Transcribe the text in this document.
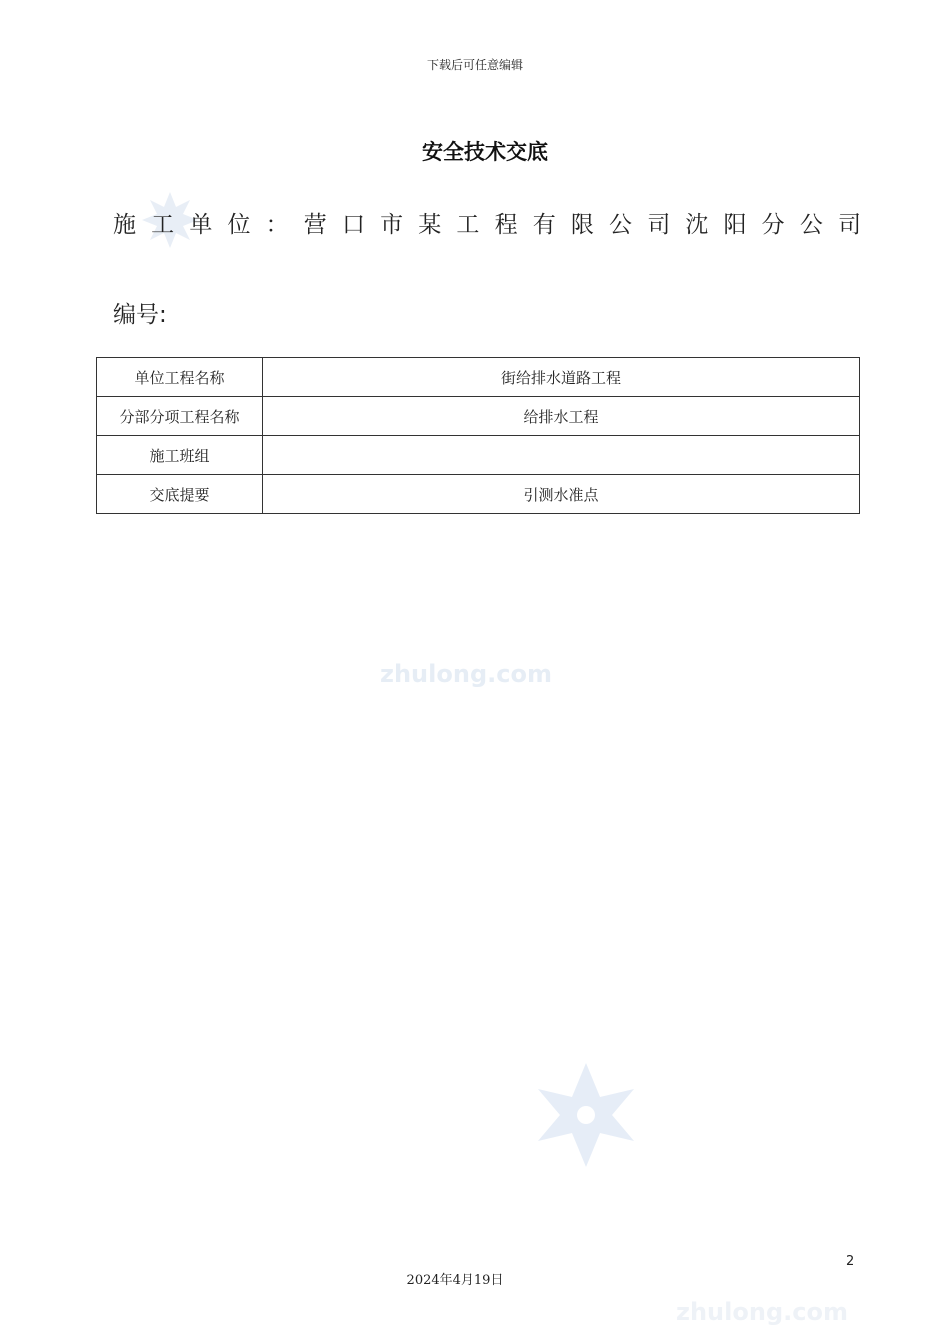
下载后可任意编辑
安全技术交底
施 工 单 位 ： 营 口 市 某 工 程 有 限 公 司 沈 阳 分 公 司
编号:
单位工程名称	街给排水道路工程
分部分项工程名称	给排水工程
施工班组	
交底提要	引测水准点
zhulong.com
2
2024年4月19日
zhulong.com
